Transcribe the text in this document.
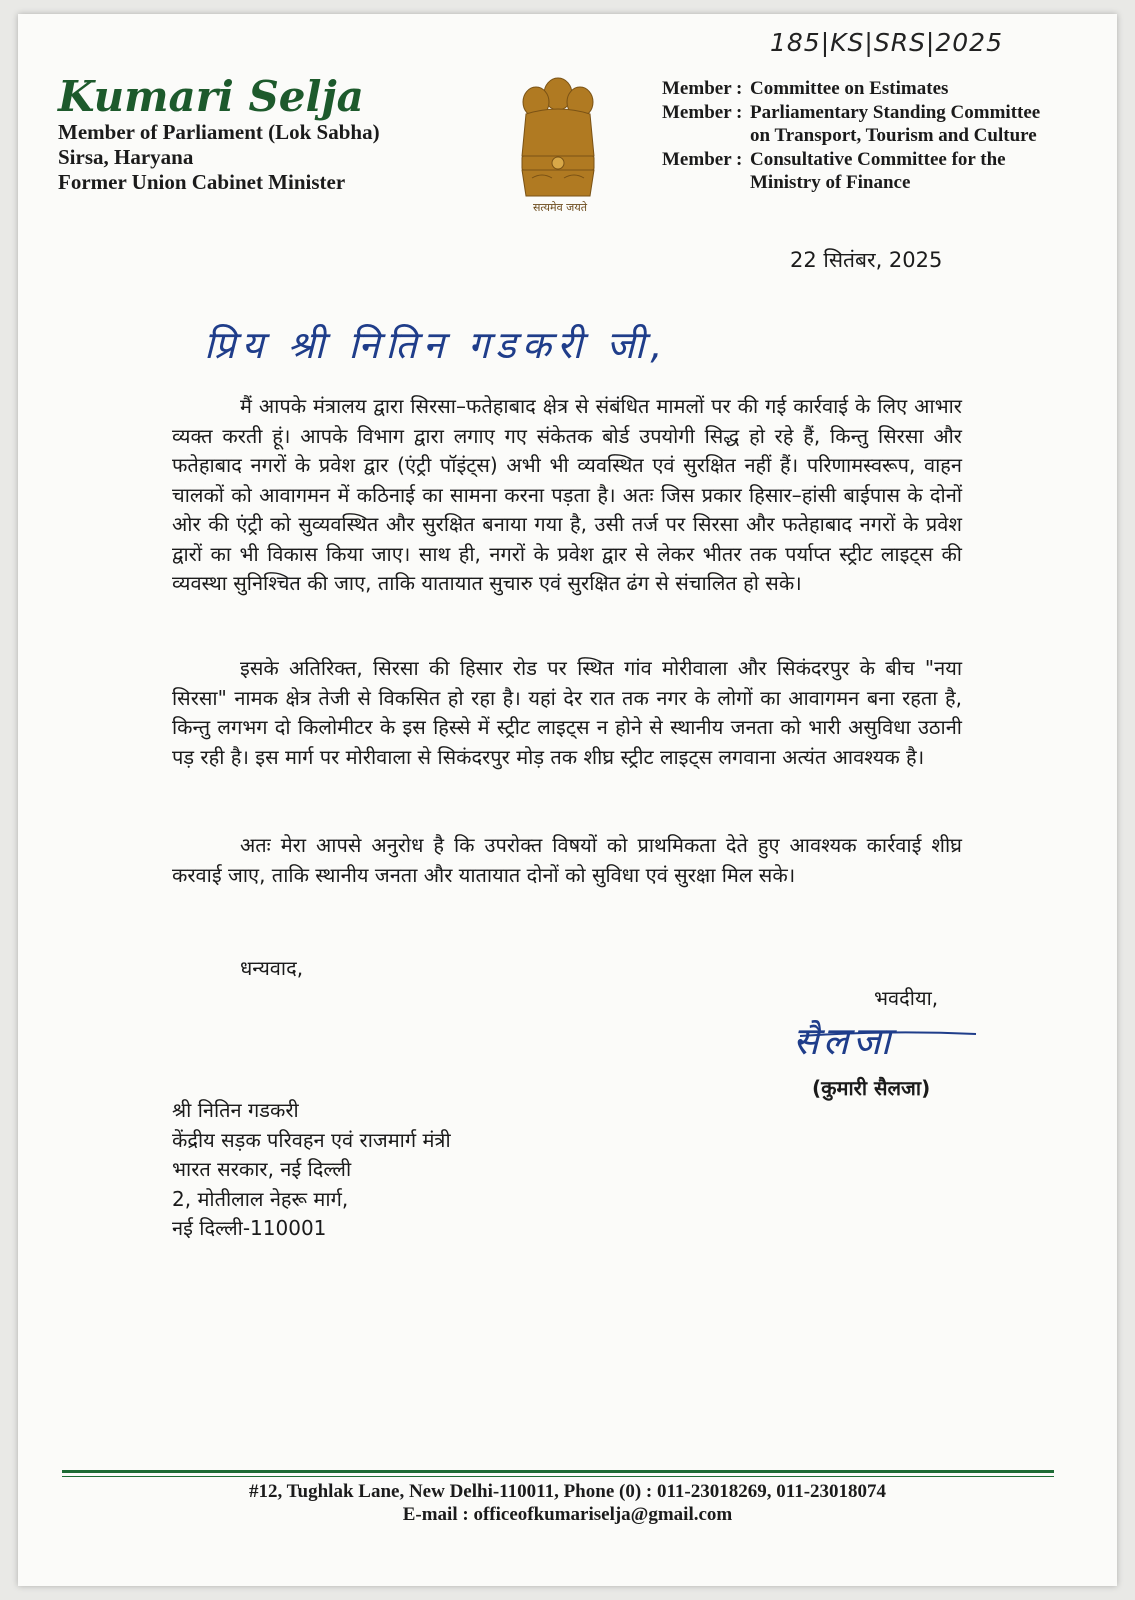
185|KS|SRS|2025
Kumari Selja
Member of Parliament (Lok Sabha)
Sirsa, Haryana
Former Union Cabinet Minister
सत्यमेव जयते
Member : Committee on Estimates
Member : Parliamentary Standing Committee
on Transport, Tourism and Culture
Member : Consultative Committee for the
Ministry of Finance
22 सितंबर, 2025
प्रिय श्री नितिन गडकरी जी,
मैं आपके मंत्रालय द्वारा सिरसा–फतेहाबाद क्षेत्र से संबंधित मामलों पर की गई कार्रवाई के लिए आभार व्यक्त करती हूं। आपके विभाग द्वारा लगाए गए संकेतक बोर्ड उपयोगी सिद्ध हो रहे हैं, किन्तु सिरसा और फतेहाबाद नगरों के प्रवेश द्वार (एंट्री पॉइंट्स) अभी भी व्यवस्थित एवं सुरक्षित नहीं हैं। परिणामस्वरूप, वाहन चालकों को आवागमन में कठिनाई का सामना करना पड़ता है। अतः जिस प्रकार हिसार–हांसी बाईपास के दोनों ओर की एंट्री को सुव्यवस्थित और सुरक्षित बनाया गया है, उसी तर्ज पर सिरसा और फतेहाबाद नगरों के प्रवेश द्वारों का भी विकास किया जाए। साथ ही, नगरों के प्रवेश द्वार से लेकर भीतर तक पर्याप्त स्ट्रीट लाइट्स की व्यवस्था सुनिश्चित की जाए, ताकि यातायात सुचारु एवं सुरक्षित ढंग से संचालित हो सके।
इसके अतिरिक्त, सिरसा की हिसार रोड पर स्थित गांव मोरीवाला और सिकंदरपुर के बीच "नया सिरसा" नामक क्षेत्र तेजी से विकसित हो रहा है। यहां देर रात तक नगर के लोगों का आवागमन बना रहता है, किन्तु लगभग दो किलोमीटर के इस हिस्से में स्ट्रीट लाइट्स न होने से स्थानीय जनता को भारी असुविधा उठानी पड़ रही है। इस मार्ग पर मोरीवाला से सिकंदरपुर मोड़ तक शीघ्र स्ट्रीट लाइट्स लगवाना अत्यंत आवश्यक है।
अतः मेरा आपसे अनुरोध है कि उपरोक्त विषयों को प्राथमिकता देते हुए आवश्यक कार्रवाई शीघ्र करवाई जाए, ताकि स्थानीय जनता और यातायात दोनों को सुविधा एवं सुरक्षा मिल सके।
धन्यवाद,
भवदीया,
सैलजा
(कुमारी सैलजा)
श्री नितिन गडकरी
केंद्रीय सड़क परिवहन एवं राजमार्ग मंत्री
भारत सरकार, नई दिल्ली
2, मोतीलाल नेहरू मार्ग,
नई दिल्ली-110001
#12, Tughlak Lane, New Delhi-110011, Phone (0) : 011-23018269, 011-23018074
E-mail : officeofkumariselja@gmail.com
